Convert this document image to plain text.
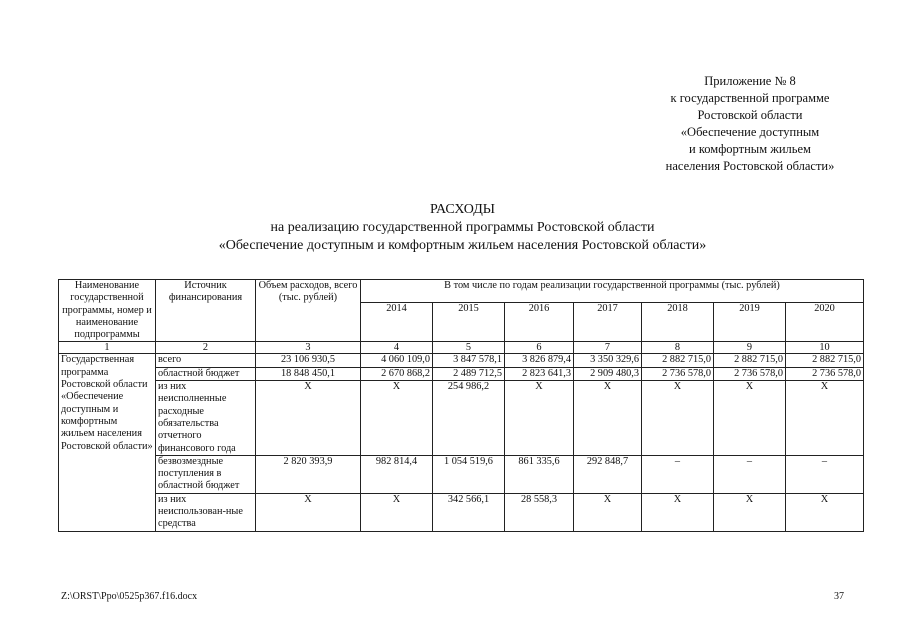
Приложение № 8
к государственной программе
Ростовской области
«Обеспечение доступным
и комфортным жильем
населения Ростовской области»
РАСХОДЫ
на реализацию государственной программы Ростовской области
«Обеспечение доступным и комфортным жильем населения Ростовской области»
Наименование государственной программы, номер и наименование подпрограммы	Источник финансирования	Объем расходов, всего (тыс. рублей)	В том числе по годам реализации государственной программы (тыс. рублей)						
			2014	2015	2016	2017	2018	2019	2020
1	2	3	4	5	6	7	8	9	10
Государственная программа Ростовской области «Обеспечение доступным и комфортным жильем населения Ростовской области»	всего	23 106 930,5	4 060 109,0	3 847 578,1	3 826 879,4	3 350 329,6	2 882 715,0	2 882 715,0	2 882 715,0
	областной бюджет	18 848 450,1	2 670 868,2	2 489 712,5	2 823 641,3	2 909 480,3	2 736 578,0	2 736 578,0	2 736 578,0
	из них неисполненные расходные обязательства отчетного финансового года	X	X	254 986,2	X	X	X	X	X
	безвозмездные поступления в областной бюджет	2 820 393,9	982 814,4	1 054 519,6	861 335,6	292 848,7	–	–	–
	из них неиспользован-ные средства	X	X	342 566,1	28 558,3	X	X	X	X
Z:\ORST\Ppo\0525p367.f16.docx	37
